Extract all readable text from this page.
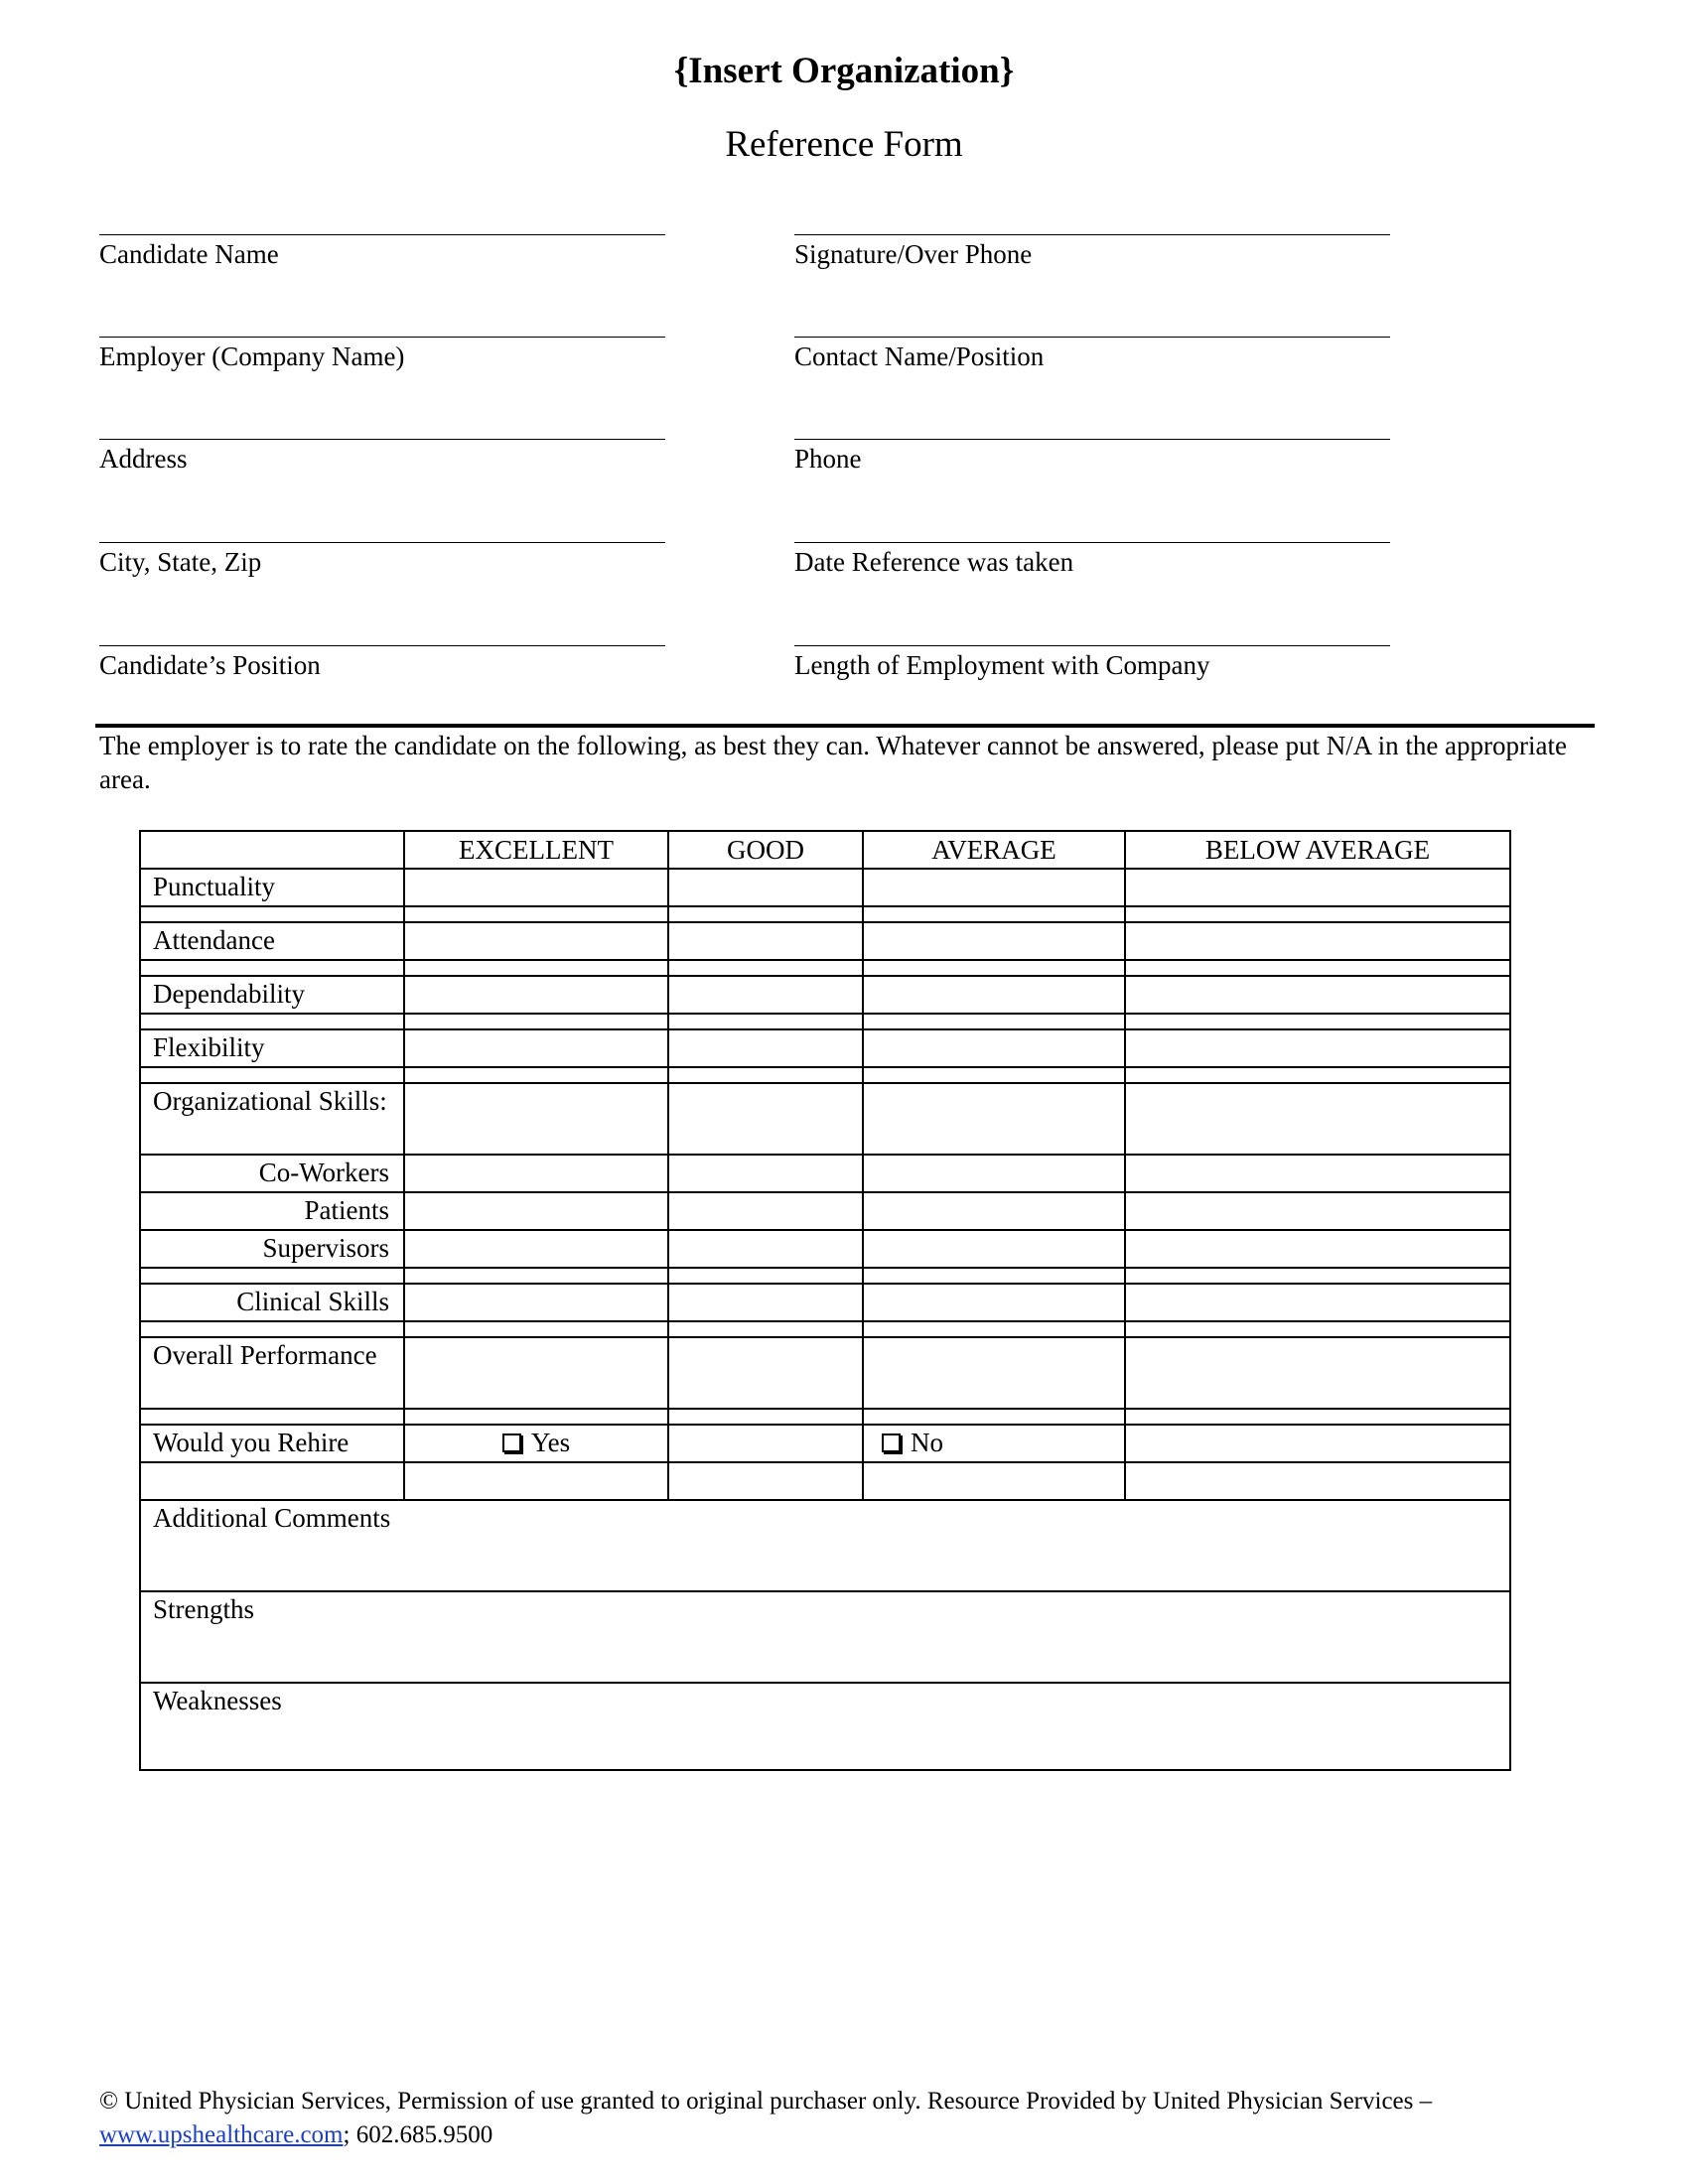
{Insert Organization}
Reference Form
Candidate Name
Employer (Company Name)
Address
City, State, Zip
Candidate’s Position
Signature/Over Phone
Contact Name/Position
Phone
Date Reference was taken
Length of Employment with Company
The employer is to rate the candidate on the following, as best they can. Whatever cannot be answered, please put N/A in the appropriate area.
	EXCELLENT	GOOD	AVERAGE	BELOW AVERAGE
Punctuality				

Attendance				

Dependability				

Flexibility				

Organizational Skills:				
Co-Workers				
Patients				
Supervisors				

Clinical Skills				

Overall Performance				

Would you Rehire	Yes		No	

Additional Comments				
Strengths				
Weaknesses				
© United Physician Services, Permission of use granted to original purchaser only. Resource Provided by United Physician Services –
www.upshealthcare.com; 602.685.9500
